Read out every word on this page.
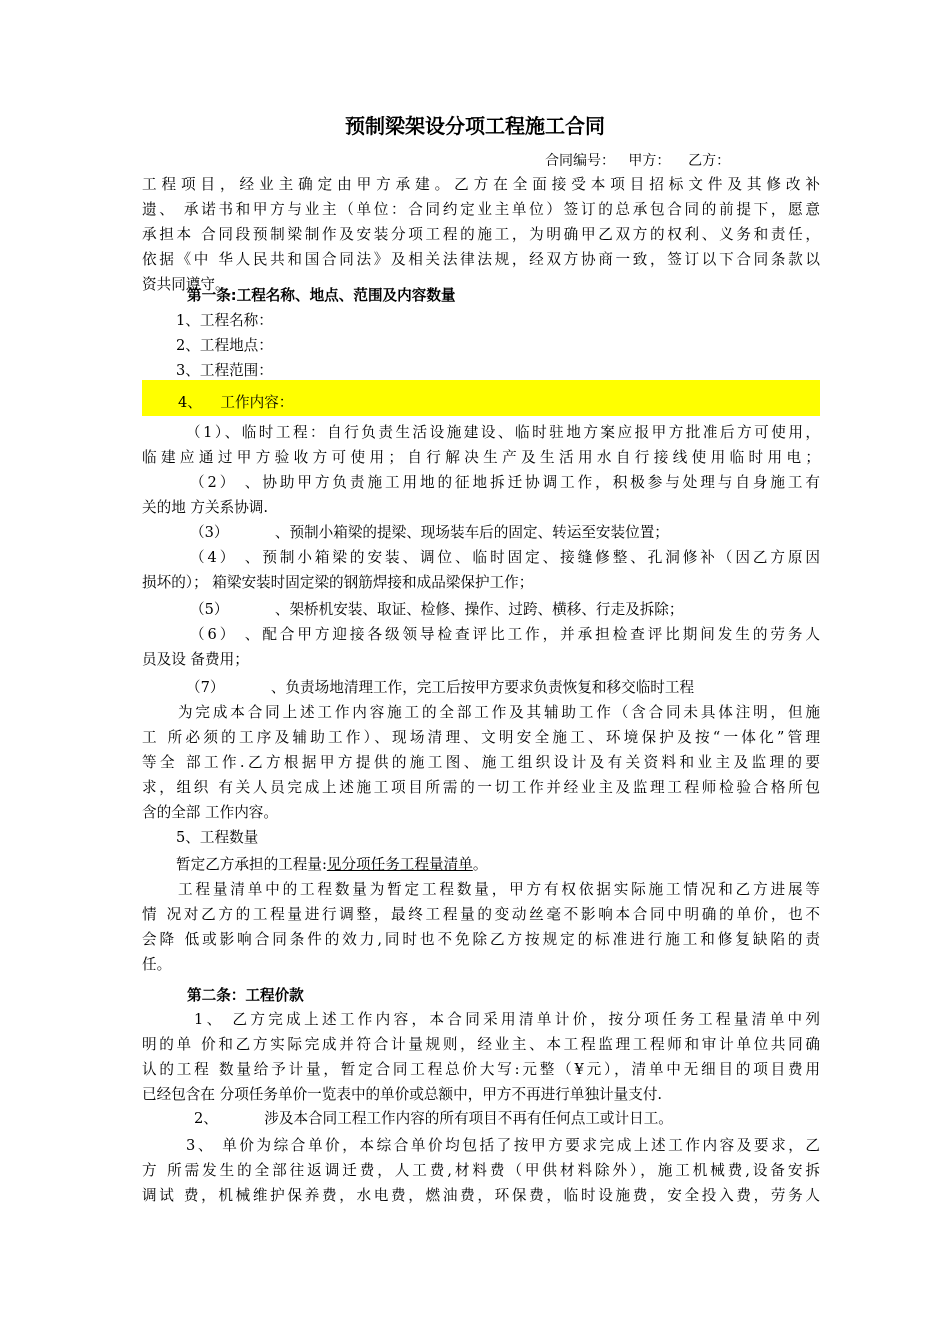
预制梁架设分项工程施工合同
合同编号：   甲方：    乙方：
工程项目，经业主确定由甲方承建。乙方在全面接受本项目招标文件及其修改补
遗、 承诺书和甲方与业主（单位：合同约定业主单位）签订的总承包合同的前提下，愿意
承担本 合同段预制梁制作及安装分项工程的施工，为明确甲乙双方的权利、义务和责任，
依据《中 华人民共和国合同法》及相关法律法规，经双方协商一致，签订以下合同条款以
资共同遵守。
第一条:工程名称、地点、范围及内容数量
1、工程名称：
2、工程地点：
3、工程范围：
4、    工作内容：
（1）、临时工程：自行负责生活设施建设、临时驻地方案应报甲方批准后方可使用，
临建应通过甲方验收方可使用；自行解决生产及生活用水自行接线使用临时用电；
（2） 、协助甲方负责施工用地的征地拆迁协调工作，积极参与处理与自身施工有
关的地 方关系协调.
（3）          、预制小箱梁的提梁、现场装车后的固定、转运至安装位置；
（4） 、预制小箱梁的安装、调位、临时固定、接缝修整、孔洞修补（因乙方原因
损坏的）； 箱梁安装时固定梁的钢筋焊接和成品梁保护工作；
（5）          、架桥机安装、取证、检修、操作、过跨、横移、行走及拆除；
（6） 、配合甲方迎接各级领导检查评比工作，并承担检查评比期间发生的劳务人
员及设 备费用；
（7）          、负责场地清理工作，完工后按甲方要求负责恢复和移交临时工程
为完成本合同上述工作内容施工的全部工作及其辅助工作（含合同未具体注明，但施
工 所必须的工序及辅助工作）、现场清理、文明安全施工、环境保护及按“一体化”管理
等全 部工作.乙方根据甲方提供的施工图、施工组织设计及有关资料和业主及监理的要
求，组织 有关人员完成上述施工项目所需的一切工作并经业主及监理工程师检验合格所包
含的全部 工作内容。
5、工程数量
暂定乙方承担的工程量:见分项任务工程量清单。
工程量清单中的工程数量为暂定工程数量，甲方有权依据实际施工情况和乙方进展等
情 况对乙方的工程量进行调整，最终工程量的变动丝毫不影响本合同中明确的单价，也不
会降 低或影响合同条件的效力,同时也不免除乙方按规定的标准进行施工和修复缺陷的责
任。
第二条：工程价款
1、 乙方完成上述工作内容，本合同采用清单计价，按分项任务工程量清单中列
明的单 价和乙方实际完成并符合计量规则，经业主、本工程监理工程师和审计单位共同确
认的工程 数量给予计量，暂定合同工程总价大写:元整（¥元），清单中无细目的项目费用
已经包含在 分项任务单价一览表中的单价或总额中，甲方不再进行单独计量支付.
2、          涉及本合同工程工作内容的所有项目不再有任何点工或计日工。
3、 单价为综合单价，本综合单价均包括了按甲方要求完成上述工作内容及要求，乙
方 所需发生的全部往返调迁费，人工费,材料费（甲供材料除外），施工机械费,设备安拆
调试 费，机械维护保养费，水电费，燃油费，环保费，临时设施费，安全投入费，劳务人
